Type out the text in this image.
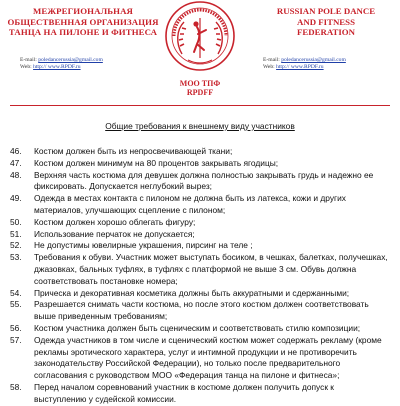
МЕЖРЕГИОНАЛЬНАЯ
ОБЩЕСТВЕННАЯ ОРГАНИЗАЦИЯ
ТАНЦА НА ПИЛОНЕ И ФИТНЕСА
E-mail: poledancerussia@gmail.com
Web: http:// www.RPDF.ru
МОО ТПФ
RPDFF
RUSSIAN POLE DANCE
AND FITNESS
FEDERATION
E-mail: poledancerussia@gmail.com
Web: http:// www.RPDF.ru
Общие требования к внешнему виду участников
46.	Костюм должен быть из непросвечивающей ткани;
47.	Костюм должен минимум на 80 процентов закрывать ягодицы;
48.	Верхняя часть костюма для девушек должна полностью закрывать грудь и надежно ее
фиксировать. Допускается неглубокий вырез;
49.	Одежда в местах контакта с пилоном не должна быть из латекса, кожи и других
материалов, улучшающих сцепление с пилоном;
50.	Костюм должен хорошо облегать фигуру;
51.	Использование перчаток не допускается;
52.	Не допустимы ювелирные украшения, пирсинг на теле ;
53.	Требования к обуви. Участник может выступать босиком, в чешках, балетках, получешках,
джазовках, бальных туфлях, в туфлях с платформой не выше 3 см. Обувь должна
соответствовать постановке номера;
54.	Прическа и декоративная косметика должны быть аккуратными и сдержанными;
55.	Разрешается снимать части костюма, но после этого костюм должен соответствовать
выше приведенным требованиям;
56.	Костюм участника должен быть сценическим и соответствовать стилю композиции;
57.	Одежда участников в том числе и сценический костюм может содержать рекламу (кроме
рекламы эротического характера, услуг и интимной продукции и не противоречить
законодательству Российской Федерации), но только после предварительного
согласования с руководством МОО «Федерация танца на пилоне и фитнеса»;
58.	Перед началом соревнований участник в костюме должен получить допуск к
выступлению у судейской комиссии.
